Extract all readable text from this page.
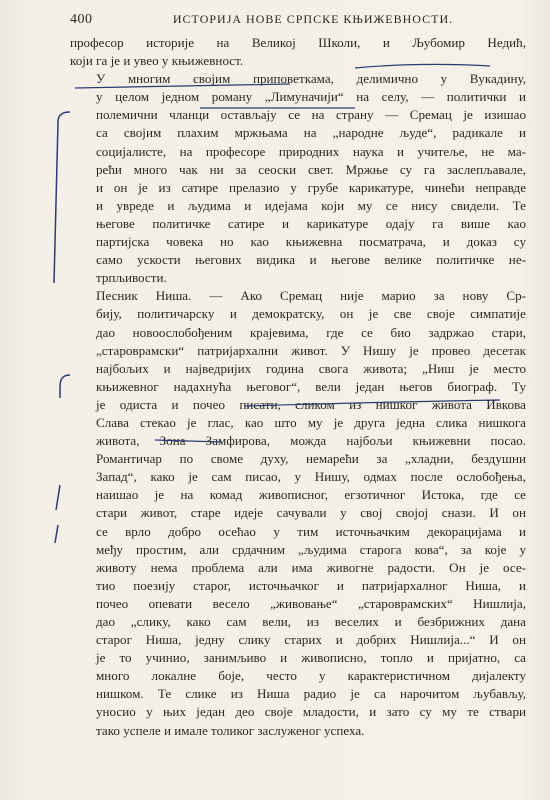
400	ИСТОРИЈА НОВЕ СРПСКЕ КЊИЖЕВНОСТИ.

професор историје на Великој Школи, и Љубомир Недић,
који га је и увео у књижевност.

У многим својим приповеткама, делимично у Вукадину,
у целом једном роману „Лимуначији“ на селу, — политички и
полемични чланци остављају се на страну — Сремац је изишао
са својим плахим мржњама на „народне људе“, радикале и
социјалисте, на професоре природних наука и учитеље, не ма-
рећи много чак ни за сеоски свет. Мржње су га заслепљавале,
и он је из сатире прелазио у грубе карикатуре, чинећи неправде
и увреде и људима и идејама који му се нису свидели. Те
његове политичке сатире и карикатуре одају га више као
партијска човека но као књижевна посматрача, и доказ су
само ускости његових видика и његове велике политичке не-
трпљивости.

Песник Ниша. — Ако Сремац није марио за нову Ср-
бију, политичарску и демократску, он је све своје симпатије
дао новоослобођеним крајевима, где се био задржао стари,
„староврамски“ патријархални живот. У Нишу је провео десетак
најбољих и најведријих година свога живота; „Ниш је место
књижевног надахнућа његовог“, вели један његов биограф. Ту
је одиста и почео писати, сликом из нишког живота Ивкова
Слава стекао је глас, као што му је друга једна слика нишкога
живота, Зона Замфирова, можда најбољи књижевни посао.
Романтичар по своме духу, немарећи за „хладни, бездушни
Запад“, како је сам писао, у Нишу, одмах после ослобођења,
наишао је на комад живописног, егзотичног Истока, где се
стари живот, старе идеје сачували у свој својој снази. И он
се врло добро осећао у тим источњачким декорацијама и
међу простим, али срдачним „људима старога кова“, за које у
животу нема проблема али има живогне радости. Он је осе-
тио поезију старог, источњачког и патријархалног Ниша, и
почео опевати весело „живовање“ „староврамских“ Нишлија,
дао „слику, како сам вели, из веселих и безбрижних дана
старог Ниша, једну слику старих и добрих Нишлија...“ И он
је то учинио, занимљиво и живописно, топло и пријатно, са
много локалне боје, често у карактеристичном дијалекту
нишком. Те слике из Ниша радио је са нарочитом љубављу,
уносио у њих један део своје младости, и зато су му те ствари
тако успеле и имале толиког заслуженог успеха.
